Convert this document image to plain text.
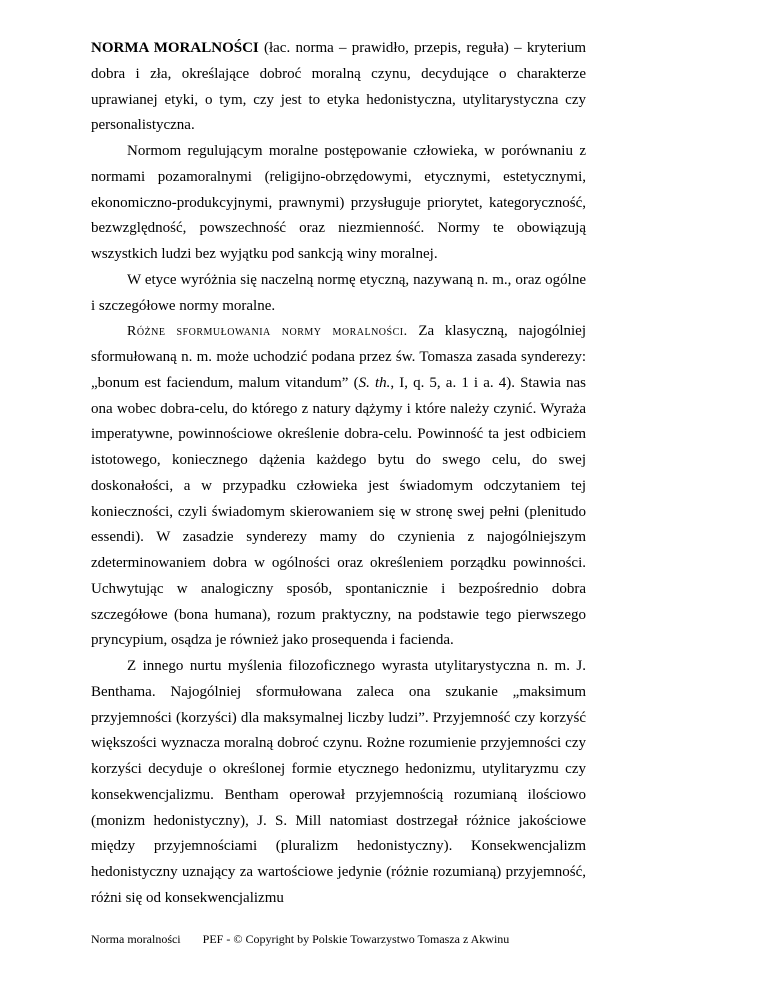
NORMA MORALNOŚCI (łac. norma – prawidło, przepis, reguła) – kryterium dobra i zła, określające dobroć moralną czynu, decydujące o charakterze uprawianej etyki, o tym, czy jest to etyka hedonistyczna, utylitarystyczna czy personalistyczna.

Normom regulującym moralne postępowanie człowieka, w porównaniu z normami pozamoralnymi (religijno-obrzędowymi, etycznymi, estetycznymi, ekonomiczno-produkcyjnymi, prawnymi) przysługuje priorytet, kategoryczność, bezwzględność, powszechność oraz niezmienność. Normy te obowiązują wszystkich ludzi bez wyjątku pod sankcją winy moralnej.

W etyce wyróżnia się naczelną normę etyczną, nazywaną n. m., oraz ogólne i szczegółowe normy moralne.

Różne sformułowania normy moralności. Za klasyczną, najogólniej sformułowaną n. m. może uchodzić podana przez św. Tomasza zasada synderezy: „bonum est faciendum, malum vitandum” (S. th., I, q. 5, a. 1 i a. 4). Stawia nas ona wobec dobra-celu, do którego z natury dążymy i które należy czynić. Wyraża imperatywne, powinnościowe określenie dobra-celu. Powinność ta jest odbiciem istotowego, koniecznego dążenia każdego bytu do swego celu, do swej doskonałości, a w przypadku człowieka jest świadomym odczytaniem tej konieczności, czyli świadomym skierowaniem się w stronę swej pełni (plenitudo essendi). W zasadzie synderezy mamy do czynienia z najogólniejszym zdeterminowaniem dobra w ogólności oraz określeniem porządku powinności. Uchwytując w analogiczny sposób, spontanicznie i bezpośrednio dobra szczegółowe (bona humana), rozum praktyczny, na podstawie tego pierwszego pryncypium, osądza je również jako prosequenda i facienda.

Z innego nurtu myślenia filozoficznego wyrasta utylitarystyczna n. m. J. Benthama. Najogólniej sformułowana zaleca ona szukanie „maksimum przyjemności (korzyści) dla maksymalnej liczby ludzi”. Przyjemność czy korzyść większości wyznacza moralną dobroć czynu. Rożne rozumienie przyjemności czy korzyści decyduje o określonej formie etycznego hedonizmu, utylitaryzmu czy konsekwencjalizmu. Bentham operował przyjemnością rozumianą ilościowo (monizm hedonistyczny), J. S. Mill natomiast dostrzegał różnice jakościowe między przyjemnościami (pluralizm hedonistyczny). Konsekwencjalizm hedonistyczny uznający za wartościowe jedynie (różnie rozumianą) przyjemność, różni się od konsekwencjalizmu

Norma moralności PEF - © Copyright by Polskie Towarzystwo Tomasza z Akwinu
